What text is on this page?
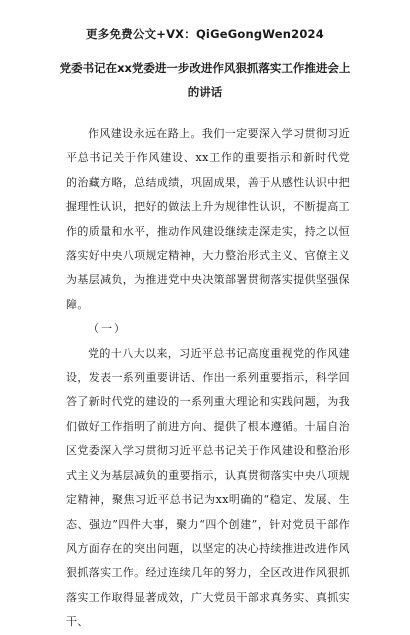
更多免费公文+VX：QiGeGongWen2024
党委书记在xx党委进一步改进作风狠抓落实工作推进会上的讲话

作风建设永远在路上。我们一定要深入学习贯彻习近平总书记关于作风建设、xx工作的重要指示和新时代党的治藏方略，总结成绩，巩固成果，善于从感性认识中把握理性认识，把好的做法上升为规律性认识，不断提高工作的质量和水平，推动作风建设继续走深走实，持之以恒落实好中央八项规定精神，大力整治形式主义、官僚主义为基层减负，为推进党中央决策部署贯彻落实提供坚强保障。

（一）

党的十八大以来，习近平总书记高度重视党的作风建设，发表一系列重要讲话、作出一系列重要指示，科学回答了新时代党的建设的一系列重大理论和实践问题，为我们做好工作指明了前进方向、提供了根本遵循。十届自治区党委深入学习贯彻习近平总书记关于作风建设和整治形式主义为基层减负的重要指示，认真贯彻落实中央八项规定精神，聚焦习近平总书记为xx明确的“稳定、发展、生态、强边”四件大事，聚力“四个创建”，针对党员干部作风方面存在的突出问题，以坚定的决心持续推进改进作风狠抓落实工作。经过连续几年的努力，全区改进作风狠抓落实工作取得显著成效，广大党员干部求真务实、真抓实干、
